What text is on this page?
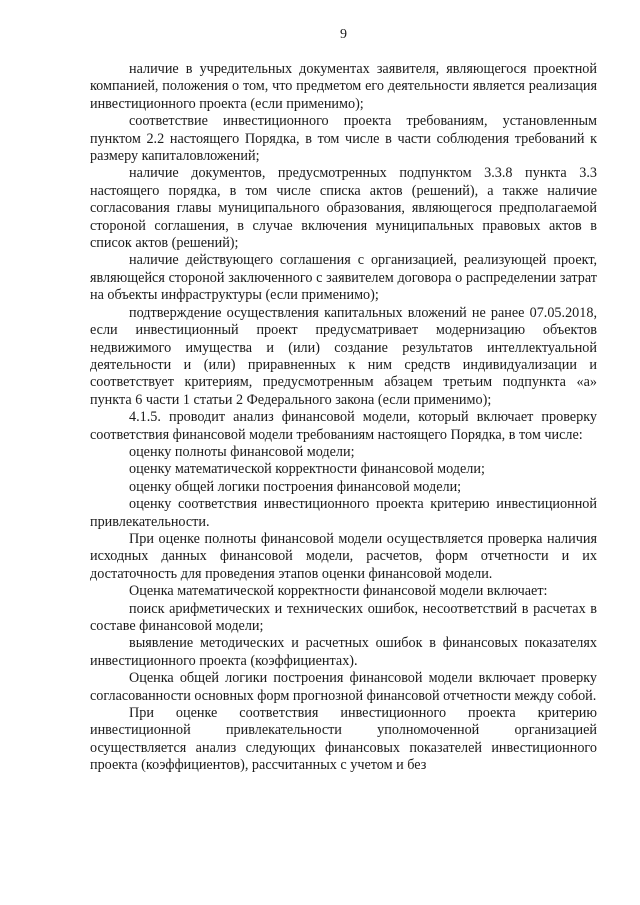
9

наличие в учредительных документах заявителя, являющегося проектной компанией, положения о том, что предметом его деятельности является реализация инвестиционного проекта (если применимо);

соответствие инвестиционного проекта требованиям, установленным пунктом 2.2 настоящего Порядка, в том числе в части соблюдения требований к размеру капиталовложений;

наличие документов, предусмотренных подпунктом 3.3.8 пункта 3.3 настоящего порядка, в том числе списка актов (решений), а также наличие согласования главы муниципального образования, являющегося предполагаемой стороной соглашения, в случае включения муниципальных правовых актов в список актов (решений);

наличие действующего соглашения с организацией, реализующей проект, являющейся стороной заключенного с заявителем договора о распределении затрат на объекты инфраструктуры (если применимо);

подтверждение осуществления капитальных вложений не ранее 07.05.2018, если инвестиционный проект предусматривает модернизацию объектов недвижимого имущества и (или) создание результатов интеллектуальной деятельности и (или) приравненных к ним средств индивидуализации и соответствует критериям, предусмотренным абзацем третьим подпункта «а» пункта 6 части 1 статьи 2 Федерального закона (если применимо);

4.1.5. проводит анализ финансовой модели, который включает проверку соответствия финансовой модели требованиям настоящего Порядка, в том числе:

оценку полноты финансовой модели;

оценку математической корректности финансовой модели;

оценку общей логики построения финансовой модели;

оценку соответствия инвестиционного проекта критерию инвестиционной привлекательности.

При оценке полноты финансовой модели осуществляется проверка наличия исходных данных финансовой модели, расчетов, форм отчетности и их достаточность для проведения этапов оценки финансовой модели.

Оценка математической корректности финансовой модели включает:

поиск арифметических и технических ошибок, несоответствий в расчетах в составе финансовой модели;

выявление методических и расчетных ошибок в финансовых показателях инвестиционного проекта (коэффициентах).

Оценка общей логики построения финансовой модели включает проверку согласованности основных форм прогнозной финансовой отчетности между собой.

При оценке соответствия инвестиционного проекта критерию инвестиционной привлекательности уполномоченной организацией осуществляется анализ следующих финансовых показателей инвестиционного проекта (коэффициентов), рассчитанных с учетом и без
